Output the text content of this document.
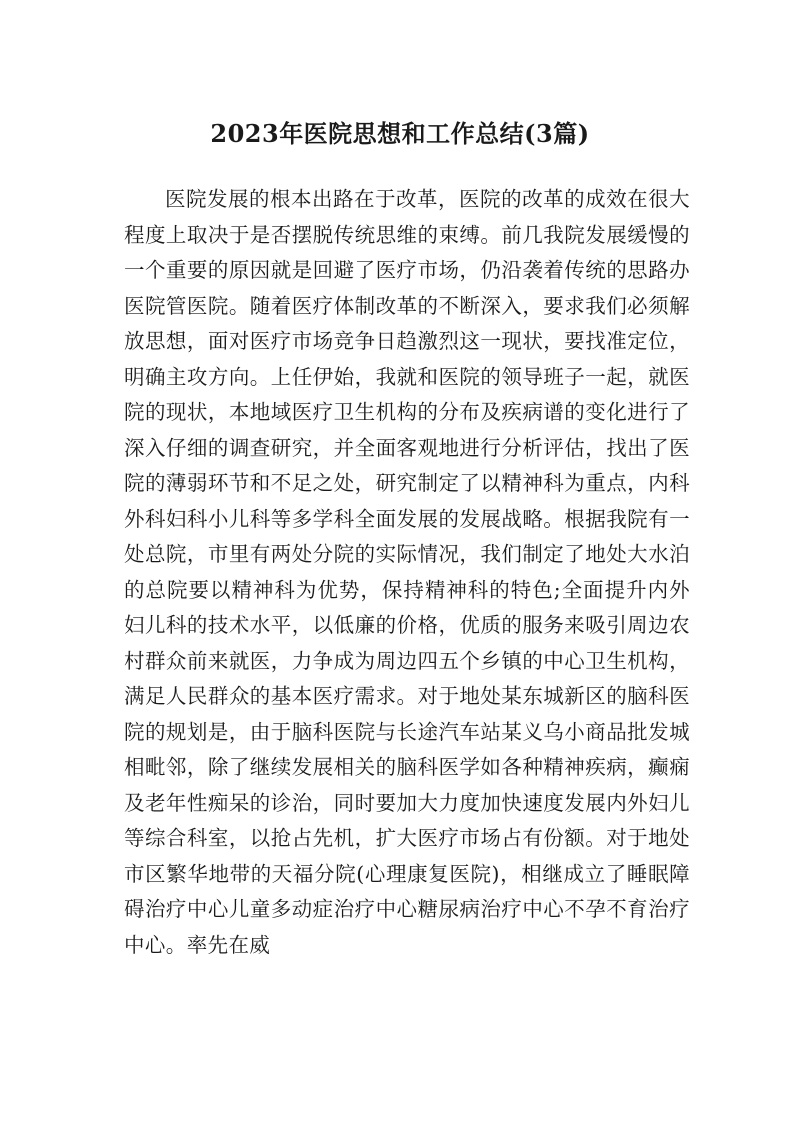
2023年医院思想和工作总结(3篇)

医院发展的根本出路在于改革，医院的改革的成效在很大程度上取决于是否摆脱传统思维的束缚。前几我院发展缓慢的一个重要的原因就是回避了医疗市场，仍沿袭着传统的思路办医院管医院。随着医疗体制改革的不断深入，要求我们必须解放思想，面对医疗市场竞争日趋激烈这一现状，要找准定位，明确主攻方向。上任伊始，我就和医院的领导班子一起，就医院的现状，本地域医疗卫生机构的分布及疾病谱的变化进行了深入仔细的调查研究，并全面客观地进行分析评估，找出了医院的薄弱环节和不足之处，研究制定了以精神科为重点，内科外科妇科小儿科等多学科全面发展的发展战略。根据我院有一处总院，市里有两处分院的实际情况，我们制定了地处大水泊的总院要以精神科为优势，保持精神科的特色;全面提升内外妇儿科的技术水平，以低廉的价格，优质的服务来吸引周边农村群众前来就医，力争成为周边四五个乡镇的中心卫生机构，满足人民群众的基本医疗需求。对于地处某东城新区的脑科医院的规划是，由于脑科医院与长途汽车站某义乌小商品批发城相毗邻，除了继续发展相关的脑科医学如各种精神疾病，癫痫及老年性痴呆的诊治，同时要加大力度加快速度发展内外妇儿等综合科室，以抢占先机，扩大医疗市场占有份额。对于地处市区繁华地带的天福分院(心理康复医院)，相继成立了睡眠障碍治疗中心儿童多动症治疗中心糖尿病治疗中心不孕不育治疗中心。率先在威
